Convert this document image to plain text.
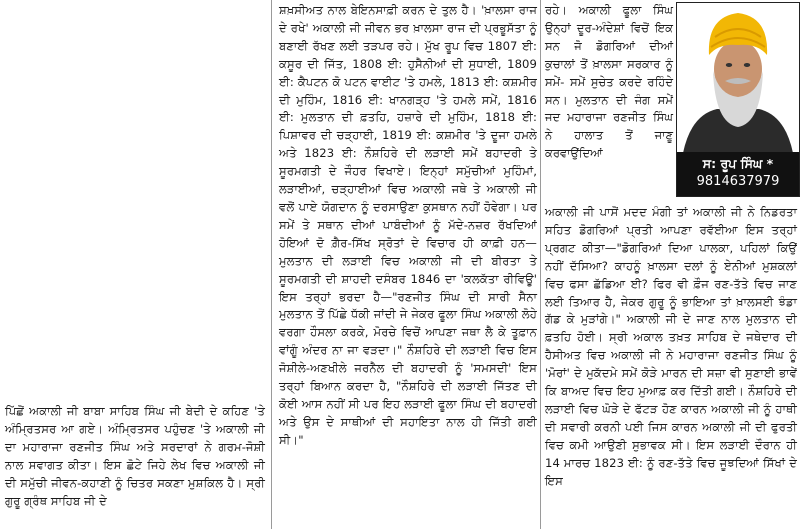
ਪਿੱਛੋਂ ਅਕਾਲੀ ਜੀ ਬਾਬਾ ਸਾਹਿਬ ਸਿੰਘ ਜੀ ਬੇਦੀ ਦੇ ਕਹਿਣ 'ਤੇ ਅੰਮ੍ਰਿਤਸਰ ਆ ਗਏ। ਅੰਮ੍ਰਿਤਸਰ ਪਹੁੰਚਣ 'ਤੇ ਅਕਾਲੀ ਜੀ ਦਾ ਮਹਾਰਾਜਾ ਰਣਜੀਤ ਸਿੰਘ ਅਤੇ ਸਰਦਾਰਾਂ ਨੇ ਗਰਮ-ਜੋਸ਼ੀ ਨਾਲ ਸਵਾਗਤ ਕੀਤਾ। ਇਸ ਛੋਟੇ ਜਿਹੇ ਲੇਖ ਵਿਚ ਅਕਾਲੀ ਜੀ ਦੀ ਸਮੁੱਚੀ ਜੀਵਨ-ਕਹਾਣੀ ਨੂੰ ਚਿਤਰ ਸਕਣਾ ਮੁਸ਼ਕਿਲ ਹੈ। ਸ੍ਰੀ ਗੁਰੂ ਗ੍ਰੰਥ ਸਾਹਿਬ ਜੀ ਦੇ

ਸ਼ਖ਼ਸੀਅਤ ਨਾਲ ਬੇਇਨਸਾਫ਼ੀ ਕਰਨ ਦੇ ਤੁਲ ਹੈ। 'ਖ਼ਾਲਸਾ ਰਾਜ ਦੇ ਰਖੇ' ਅਕਾਲੀ ਜੀ ਜੀਵਨ ਭਰ ਖ਼ਾਲਸਾ ਰਾਜ ਦੀ ਪ੍ਰਭੂਸੱਤਾ ਨੂੰ ਬਣਾਈ ਰੱਖਣ ਲਈ ਤੜਪਰ ਰਹੇ। ਮੁੱਖ ਰੂਪ ਵਿਚ 1807 ਈ: ਕਸੂਰ ਦੀ ਜਿੱਤ, 1808 ਈ: ਹੁਸੈਨੀਆਂ ਦੀ ਸੁਧਾਈ, 1809 ਈ: ਕੈਪਟਨ ਕੋ ਪਟਨ ਵਾਈਟ 'ਤੇ ਹਮਲੇ, 1813 ਈ: ਕਸ਼ਮੀਰ ਦੀ ਮੁਹਿੰਮ, 1816 ਈ: ਖਾਨਗੜ੍ਹ 'ਤੇ ਹਮਲੇ ਸਮੇਂ, 1816 ਈ: ਮੁਲਤਾਨ ਦੀ ਫ਼ਤਹਿ, ਹਜ਼ਾਰੇ ਦੀ ਮੁਹਿੰਮ, 1818 ਈ: ਪਿਸ਼ਾਵਰ ਦੀ ਚੜ੍ਹਾਈ, 1819 ਈ: ਕਸ਼ਮੀਰ 'ਤੇ ਦੂਜਾ ਹਮਲੇ ਅਤੇ 1823 ਈ: ਨੌਸ਼ਹਿਰੇ ਦੀ ਲੜਾਈ ਸਮੇਂ ਬਹਾਦਰੀ ਤੇ ਸੂਰਮਗਤੀ ਦੇ ਜੌਹਰ ਵਿਖਾਏ। ਇਨ੍ਹਾਂ ਸਮੁੱਚੀਆਂ ਮੁਹਿੰਮਾਂ, ਲੜਾਈਆਂ, ਚੜ੍ਹਾਈਆਂ ਵਿਚ ਅਕਾਲੀ ਜਥੇ ਤੇ ਅਕਾਲੀ ਜੀ ਵਲੋਂ ਪਾਏ ਯੋਗਦਾਨ ਨੂੰ ਦਰਸਾਉਣਾ ਕੁਸਥਾਨ ਨਹੀਂ ਹੋਵੇਗਾ। ਪਰ ਸਮੇਂ ਤੇ ਸਥਾਨ ਦੀਆਂ ਪਾਬੰਦੀਆਂ ਨੂੰ ਮੱਦੇ-ਨਜ਼ਰ ਰੱਖਦਿਆਂ ਹੋਇਆਂ ਦੋ ਗ਼ੈਰ-ਸਿੱਖ ਸ੍ਰੋਤਾਂ ਦੇ ਵਿਚਾਰ ਹੀ ਕਾਫ਼ੀ ਹਨ— ਮੁਲਤਾਨ ਦੀ ਲੜਾਈ ਵਿਚ ਅਕਾਲੀ ਜੀ ਦੀ ਬੀਰਤਾ ਤੇ ਸੂਰਮਗਤੀ ਦੀ ਸ਼ਾਹਦੀ ਦਸੰਬਰ 1846 ਦਾ 'ਕਲਕੱਤਾ ਰੀਵਿਊ' ਇਸ ਤਰ੍ਹਾਂ ਭਰਦਾ ਹੈ—"ਰਣਜੀਤ ਸਿੰਘ ਦੀ ਸਾਰੀ ਸੈਨਾ ਮੁਲਤਾਨ ਤੋਂ ਪਿੱਛੇ ਧੱਕੀ ਜਾਂਦੀ ਜੇ ਜੇਕਰ ਫੂਲਾ ਸਿੰਘ ਅਕਾਲੀ ਲੋਹੇ ਵਰਗਾ ਹੌਸਲਾ ਕਰਕੇ, ਮੋਰਚੇ ਵਿਚੋਂ ਆਪਣਾ ਜਥਾ ਲੈ ਕੇ ਤੂਫ਼ਾਨ ਵਾਂਗੂੰ ਅੰਦਰ ਨਾ ਜਾ ਵੜਦਾ।" ਨੌਸ਼ਹਿਰੇ ਦੀ ਲੜਾਈ ਵਿਚ ਇਸ ਜੋਸ਼ੀਲੇ-ਅਣਖੀਲੇ ਜਰਨੈਲ ਦੀ ਬਹਾਦਰੀ ਨੂੰ 'ਸਮਸਦੀ' ਇਸ ਤਰ੍ਹਾਂ ਬਿਆਨ ਕਰਦਾ ਹੈ, "ਨੌਸ਼ਹਿਰੇ ਦੀ ਲੜਾਈ ਜਿੱਤਣ ਦੀ ਕੋਈ ਆਸ ਨਹੀਂ ਸੀ ਪਰ ਇਹ ਲੜਾਈ ਫੂਲਾ ਸਿੰਘ ਦੀ ਬਹਾਦਰੀ ਅਤੇ ਉਸ ਦੇ ਸਾਥੀਆਂ ਦੀ ਸਹਾਇਤਾ ਨਾਲ ਹੀ ਜਿੱਤੀ ਗਈ ਸੀ।"

ਰਹੇ। ਅਕਾਲੀ ਫੂਲਾ ਸਿੰਘ ਉਨ੍ਹਾਂ ਦੂਰ-ਅੰਦੇਸ਼ਾਂ ਵਿਚੋਂ ਇਕ ਸਨ ਜੋ ਡੋਗਰਿਆਂ ਦੀਆਂ ਕੁਚਾਲਾਂ ਤੋਂ ਖ਼ਾਲਸਾ ਸਰਕਾਰ ਨੂੰ ਸਮੇਂ- ਸਮੇਂ ਸੁਚੇਤ ਕਰਦੇ ਰਹਿੰਦੇ ਸਨ। ਮੁਲਤਾਨ ਦੀ ਜੰਗ ਸਮੇਂ ਜਦ ਮਹਾਰਾਜਾ ਰਣਜੀਤ ਸਿੰਘ ਨੇ ਹਾਲਾਤ ਤੋਂ ਜਾਣੂ ਕਰਵਾਉਂਦਿਆਂ

ਅਕਾਲੀ ਜੀ ਪਾਸੋਂ ਮਦਦ ਮੰਗੀ ਤਾਂ ਅਕਾਲੀ ਜੀ ਨੇ ਨਿਡਰਤਾ ਸਹਿਤ ਡੋਗਰਿਆਂ ਪ੍ਰਤੀ ਆਪਣਾ ਰਵੱਈਆ ਇਸ ਤਰ੍ਹਾਂ ਪ੍ਰਗਟ ਕੀਤਾ—"ਡੋਗਰਿਆਂ ਦਿਆ ਪਾਲਕਾ, ਪਹਿਲਾਂ ਕਿਉਂ ਨਹੀਂ ਦੱਸਿਆ? ਕਾਹਨੂੰ ਖ਼ਾਲਸਾ ਦਲਾਂ ਨੂੰ ਏਨੀਆਂ ਮੁਸ਼ਕਲਾਂ ਵਿਚ ਫਸਾ ਛੱਡਿਆ ਈ? ਫਿਰ ਵੀ ਫ਼ੌਜ ਰਣ-ਤੱਤੇ ਵਿਚ ਜਾਣ ਲਈ ਤਿਆਰ ਹੈ, ਜੇਕਰ ਗੁਰੂ ਨੂੰ ਭਾਇਆ ਤਾਂ ਖ਼ਾਲਸਈ ਝੰਡਾ ਗੱਡ ਕੇ ਮੁੜਾਂਗੇ।" ਅਕਾਲੀ ਜੀ ਦੇ ਜਾਣ ਨਾਲ ਮੁਲਤਾਨ ਦੀ ਫ਼ਤਹਿ ਹੋਈ। ਸ੍ਰੀ ਅਕਾਲ ਤਖ਼ਤ ਸਾਹਿਬ ਦੇ ਜਥੇਦਾਰ ਦੀ ਹੈਸੀਅਤ ਵਿਚ ਅਕਾਲੀ ਜੀ ਨੇ ਮਹਾਰਾਜਾ ਰਣਜੀਤ ਸਿੰਘ ਨੂੰ 'ਮੋਰਾਂ' ਦੇ ਮੁਕੱਦਮੇ ਸਮੇਂ ਕੋੜੇ ਮਾਰਨ ਦੀ ਸਜ਼ਾ ਵੀ ਸੁਣਾਈ ਭਾਵੇਂ ਕਿ ਬਾਅਦ ਵਿਚ ਇਹ ਮੁਆਫ਼ ਕਰ ਦਿੱਤੀ ਗਈ। ਨੌਸ਼ਹਿਰੇ ਦੀ ਲੜਾਈ ਵਿਚ ਘੋੜੇ ਦੇ ਫੱਟੜ ਹੋਣ ਕਾਰਨ ਅਕਾਲੀ ਜੀ ਨੂੰ ਹਾਥੀ ਦੀ ਸਵਾਰੀ ਕਰਨੀ ਪਈ ਜਿਸ ਕਾਰਨ ਅਕਾਲੀ ਜੀ ਦੀ ਫੁਰਤੀ ਵਿਚ ਕਮੀ ਆਉਣੀ ਸੁਭਾਵਕ ਸੀ। ਇਸ ਲੜਾਈ ਦੌਰਾਨ ਹੀ 14 ਮਾਰਚ 1823 ਈ: ਨੂੰ ਰਣ-ਤੱਤੇ ਵਿਚ ਜੂਝਦਿਆਂ ਸਿੱਖਾਂ ਦੇ ਇਸ

ਸ: ਰੂਪ ਸਿੰਘ *
9814637979
